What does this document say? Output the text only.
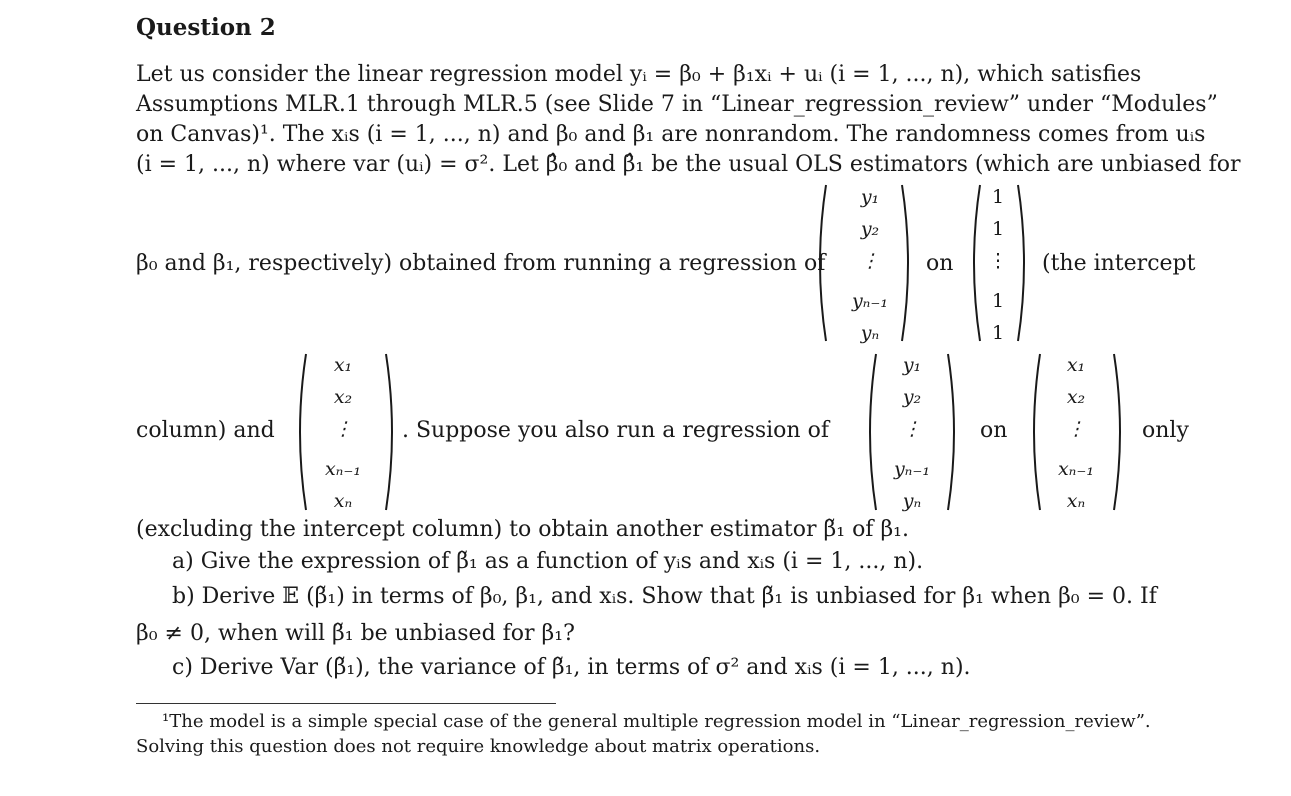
Question 2
Let us consider the linear regression model yᵢ = β₀ + β₁xᵢ + uᵢ (i = 1, ..., n), which satisfies
Assumptions MLR.1 through MLR.5 (see Slide 7 in “Linear_regression_review” under “Modules”
on Canvas)¹. The xᵢs (i = 1, ..., n) and β₀ and β₁ are nonrandom. The randomness comes from uᵢs
(i = 1, ..., n) where var (uᵢ) = σ². Let β̂₀ and β̂₁ be the usual OLS estimators (which are unbiased for
β₀ and β₁, respectively) obtained from running a regression of
y₁
y₂
⋮
yₙ₋₁
yₙ
on
1
1
⋮
1
1
(the intercept
column) and
x₁
x₂
⋮
xₙ₋₁
xₙ
. Suppose you also run a regression of
y₁
y₂
⋮
yₙ₋₁
yₙ
on
x₁
x₂
⋮
xₙ₋₁
xₙ
only
(excluding the intercept column) to obtain another estimator β̃₁ of β₁.
a) Give the expression of β̃₁ as a function of yᵢs and xᵢs (i = 1, ..., n).
b) Derive 𝔼 (β̃₁) in terms of β₀, β₁, and xᵢs. Show that β̃₁ is unbiased for β₁ when β₀ = 0. If
β₀ ≠ 0, when will β̃₁ be unbiased for β₁?
c) Derive Var (β̃₁), the variance of β̃₁, in terms of σ² and xᵢs (i = 1, ..., n).
¹The model is a simple special case of the general multiple regression model in “Linear_regression_review”.
Solving this question does not require knowledge about matrix operations.
